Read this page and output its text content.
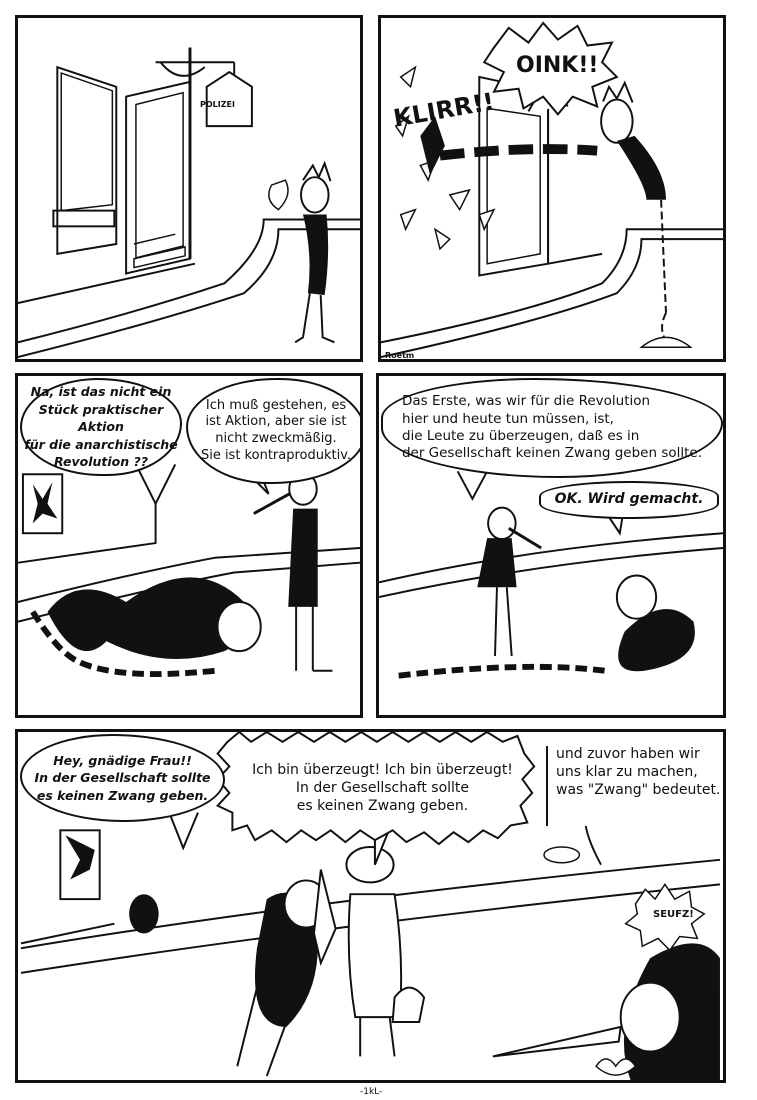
POLIZEI
OINK!!
KLIRR!!
Roetm
Na, ist das nicht ein
Stück praktischer Aktion
für die anarchistische
Revolution ??
Ich muß gestehen, es
ist Aktion, aber sie ist
nicht zweckmäßig.
Sie ist kontraproduktiv.
Das Erste, was wir für die Revolution
hier und heute tun müssen, ist,
die Leute zu überzeugen, daß es in
der Gesellschaft keinen Zwang geben sollte.
OK. Wird gemacht.
Hey, gnädige Frau!!
In der Gesellschaft sollte
es keinen Zwang geben.
Ich bin überzeugt! Ich bin überzeugt!
In der Gesellschaft sollte
es keinen Zwang geben.
und zuvor haben wir
uns klar zu machen,
was "Zwang" bedeutet.
SEUFZ!
-1kL-
